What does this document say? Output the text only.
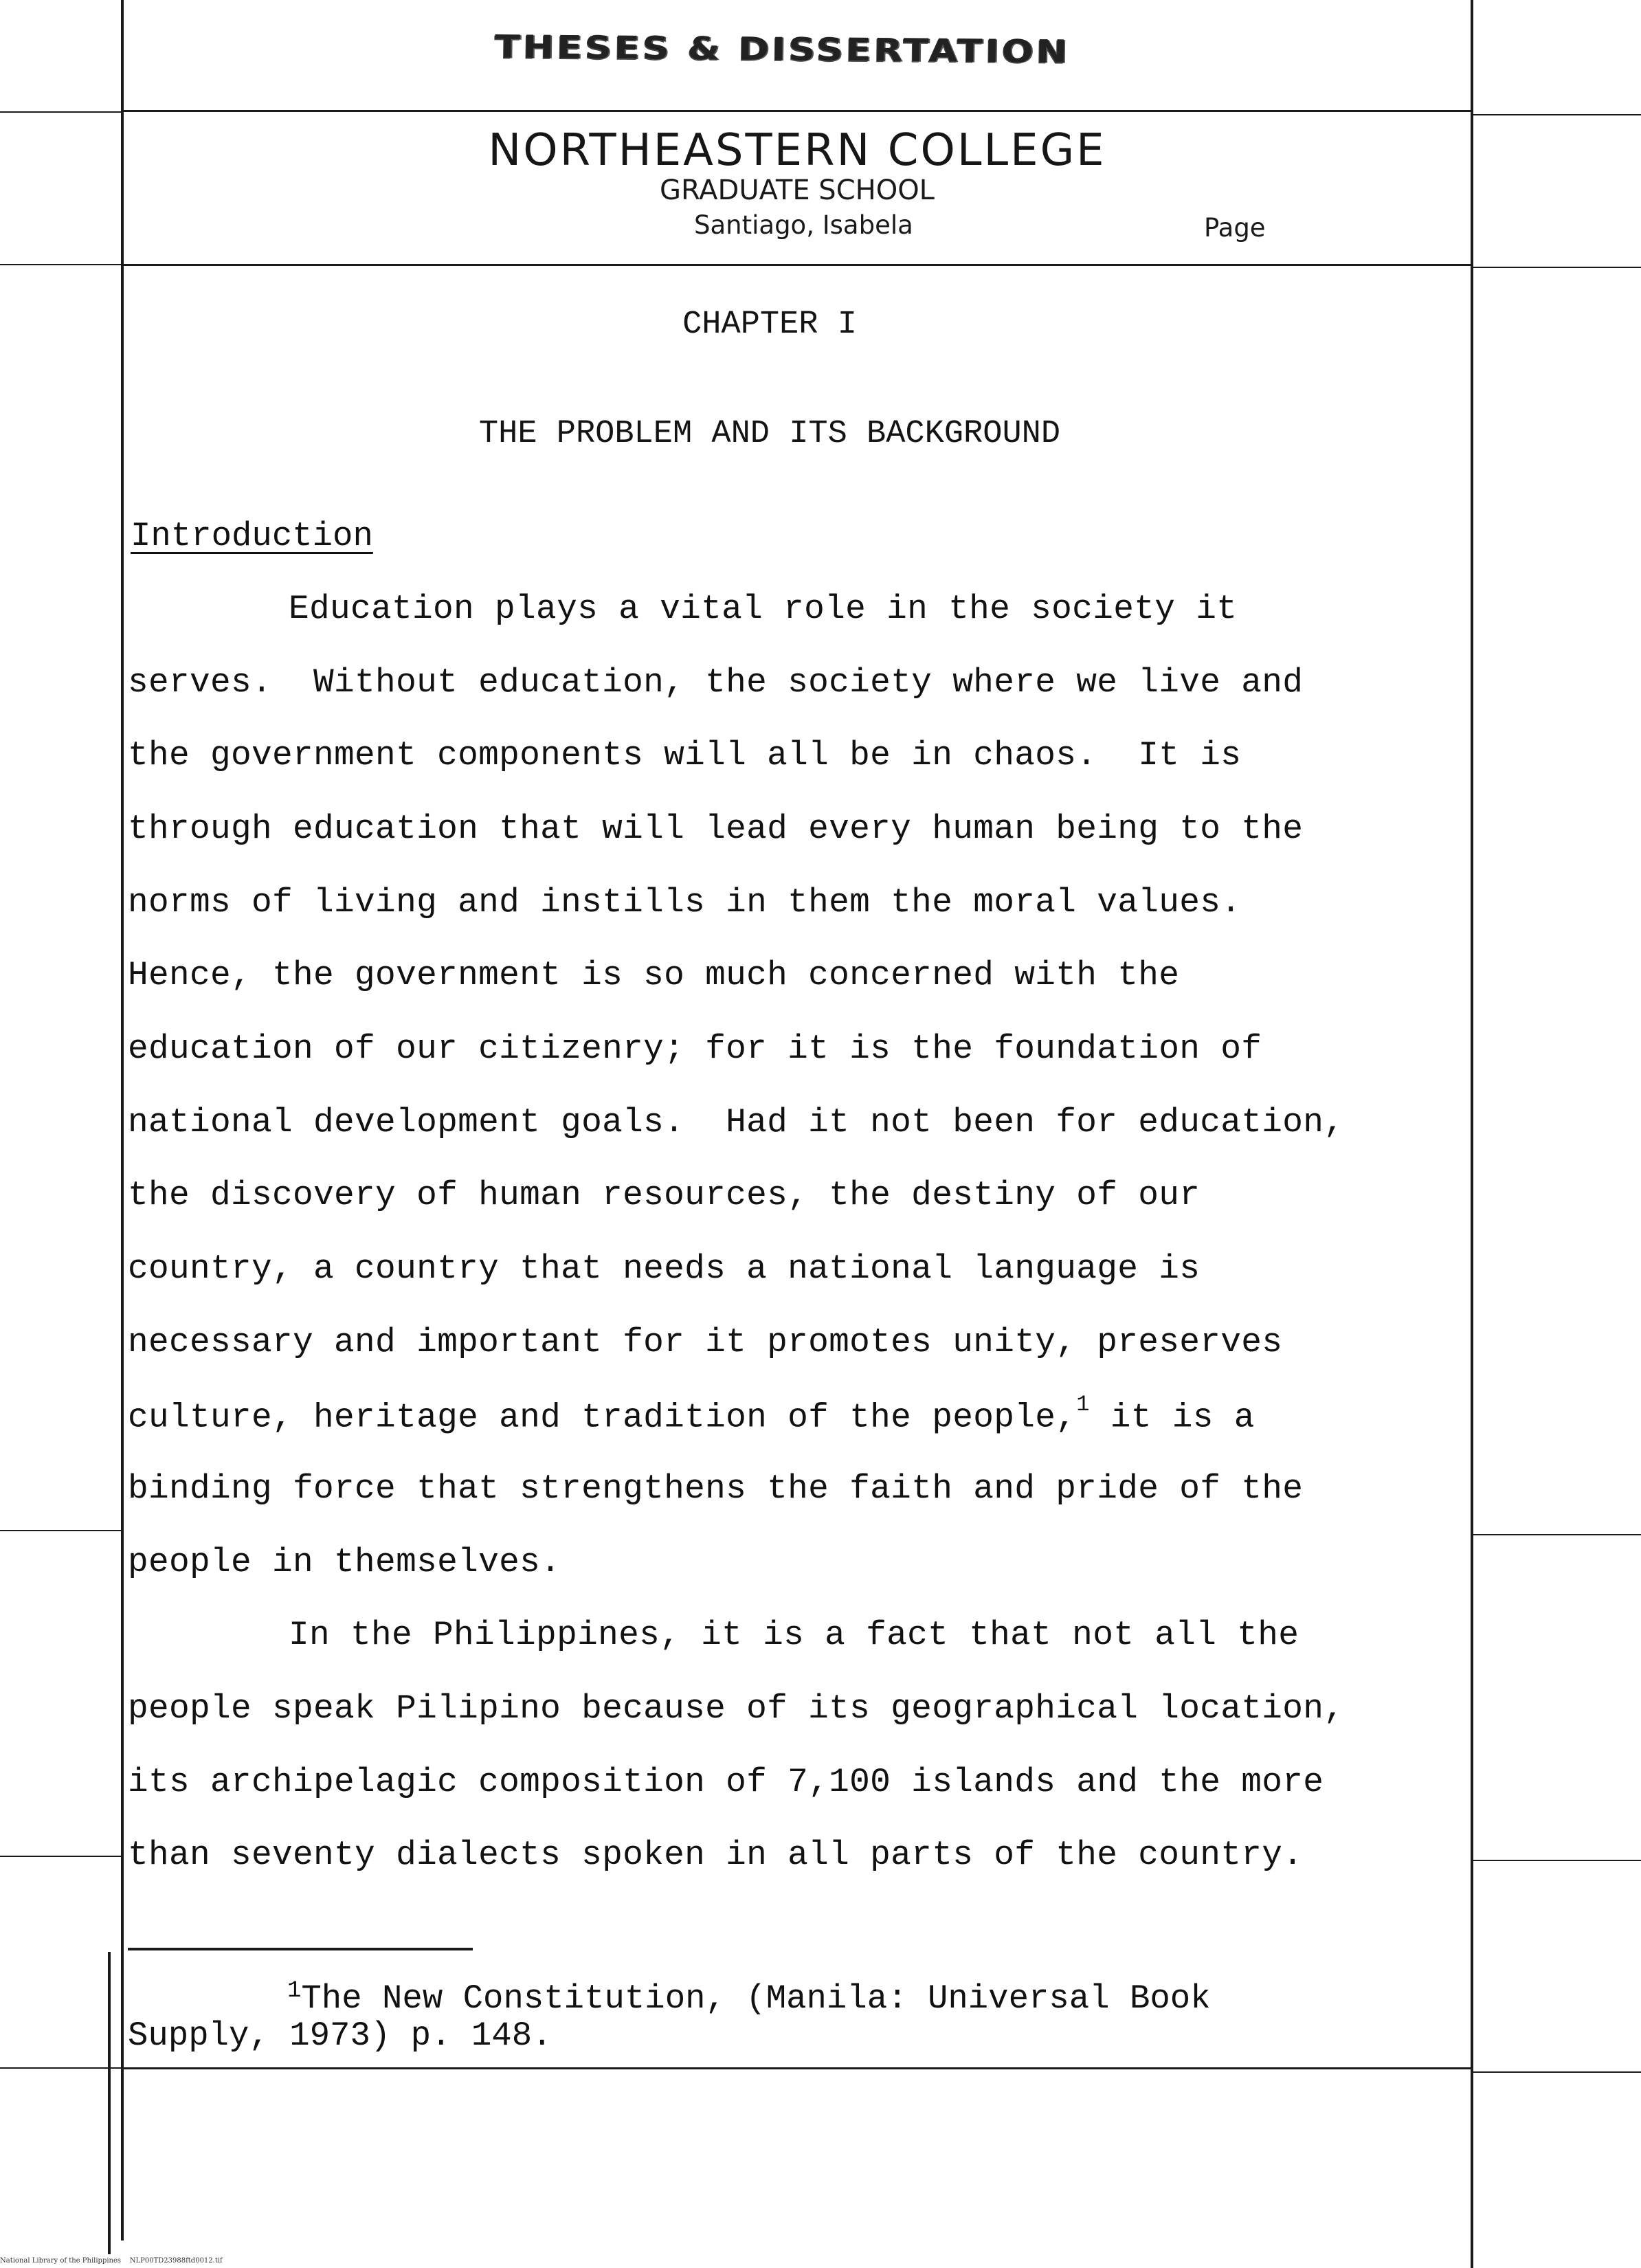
THESES & DISSERTATION
NORTHEASTERN COLLEGE
GRADUATE SCHOOL
Santiago, Isabela	Page
CHAPTER I
THE PROBLEM AND ITS BACKGROUND
Introduction
Education plays a vital role in the society it
serves.  Without education, the society where we live and
the government components will all be in chaos.  It is
through education that will lead every human being to the
norms of living and instills in them the moral values.
Hence, the government is so much concerned with the
education of our citizenry; for it is the foundation of
national development goals.  Had it not been for education,
the discovery of human resources, the destiny of our
country, a country that needs a national language is
necessary and important for it promotes unity, preserves
culture, heritage and tradition of the people,$^1$ it is a
binding force that strengthens the faith and pride of the
people in themselves.
In the Philippines, it is a fact that not all the
people speak Pilipino because of its geographical location,
its archipelagic composition of 7,100 islands and the more
than seventy dialects spoken in all parts of the country.
$^1$The New Constitution, (Manila: Universal Book
Supply, 1973) p. 148.
National Library of the Philippines    NLP00TD23988ftd0012.tif
